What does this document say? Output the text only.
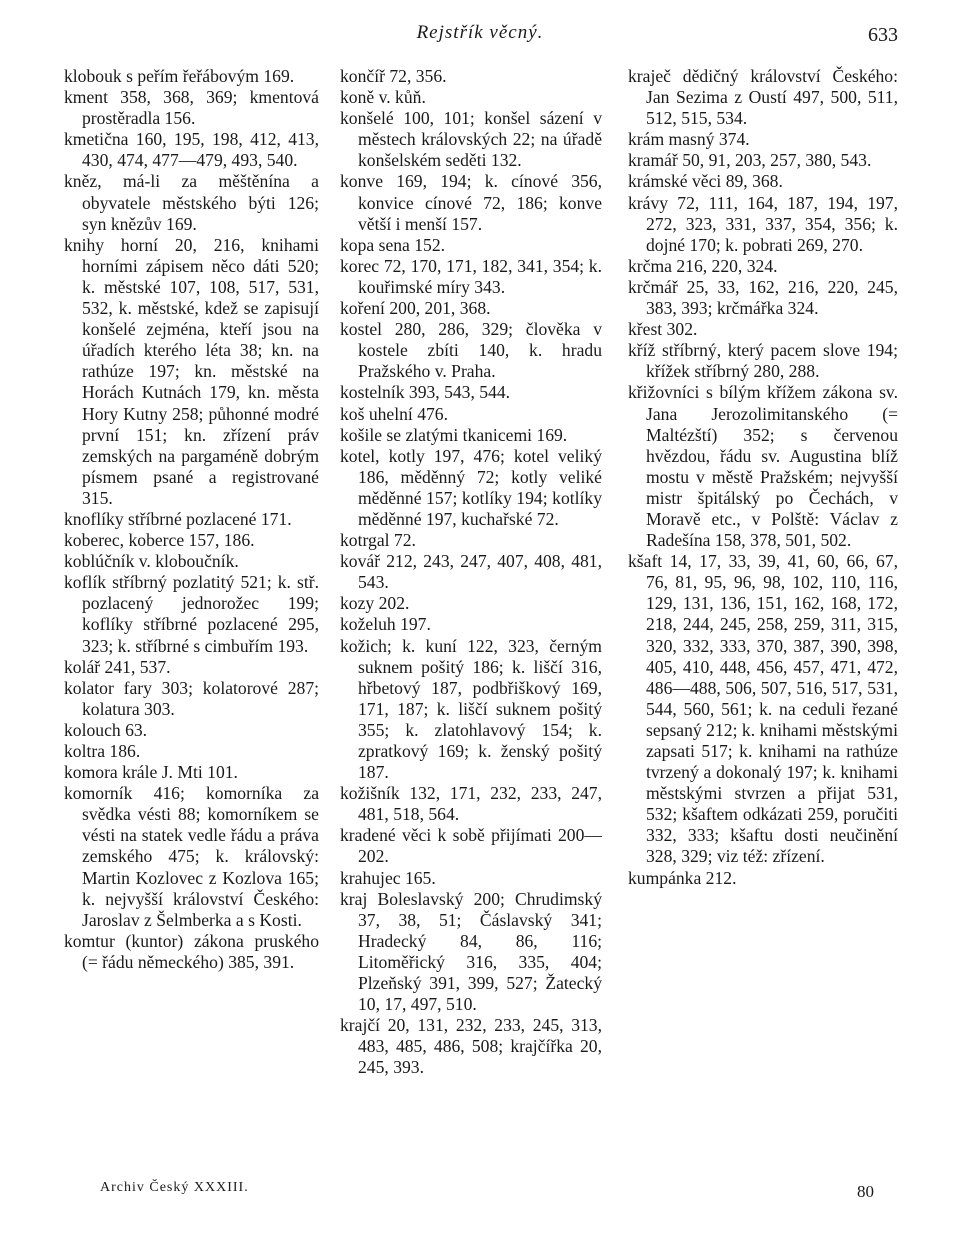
Rejstřík věcný.	633

klobouk s peřím řeřábovým 169.

kment 358, 368, 369; kmentová prostěradla 156.

kmetična 160, 195, 198, 412, 413, 430, 474, 477—479, 493, 540.

kněz, má-li za měštěnína a obyvatele městského býti 126; syn knězův 169.

knihy horní 20, 216, knihami horními zápisem něco dáti 520; k. městské 107, 108, 517, 531, 532, k. městské, kdež se zapisují konšelé zejména, kteří jsou na úřadích kterého léta 38; kn. na rathúze 197; kn. městské na Horách Kutnách 179, kn. města Hory Kutny 258; půhonné modré první 151; kn. zřízení práv zemských na pargaméně dobrým písmem psané a registrované 315.

knoflíky stříbrné pozlacené 171.

koberec, koberce 157, 186.

koblúčník v. kloboučník.

koflík stříbrný pozlatitý 521; k. stř. pozlacený jednorožec 199; koflíky stříbrné pozlacené 295, 323; k. stříbrné s cimbuřím 193.

kolář 241, 537.

kolator fary 303; kolatorové 287; kolatura 303.

kolouch 63.

koltra 186.

komora krále J. Mti 101.

komorník 416; komorníka za svědka vésti 88; komorníkem se vésti na statek vedle řádu a práva zemského 475; k. královský: Martin Kozlovec z Kozlova 165; k. nejvyšší království Českého: Jaroslav z Šelmberka a s Kosti.

komtur (kuntor) zákona pruského (= řádu německého) 385, 391.

končíř 72, 356.

koně v. kůň.

konšelé 100, 101; konšel sázení v městech královských 22; na úřadě konšelském seděti 132.

konve 169, 194; k. cínové 356, konvice cínové 72, 186; konve větší i menší 157.

kopa sena 152.

korec 72, 170, 171, 182, 341, 354; k. kouřimské míry 343.

koření 200, 201, 368.

kostel 280, 286, 329; člověka v kostele zbíti 140, k. hradu Pražského v. Praha.

kostelník 393, 543, 544.

koš uhelní 476.

košile se zlatými tkanicemi 169.

kotel, kotly 197, 476; kotel veliký 186, měděnný 72; kotly veliké měděnné 157; kotlíky 194; kotlíky měděnné 197, kuchařské 72.

kotrgal 72.

kovář 212, 243, 247, 407, 408, 481, 543.

kozy 202.

koželuh 197.

kožich; k. kuní 122, 323, černým suknem pošitý 186; k. liščí 316, hřbetový 187, podbřiškový 169, 171, 187; k. liščí suknem pošitý 355; k. zlatohlavový 154; k. zpratkový 169; k. ženský pošitý 187.

kožišník 132, 171, 232, 233, 247, 481, 518, 564.

kradené věci k sobě přijímati 200—202.

krahujec 165.

kraj Boleslavský 200; Chrudimský 37, 38, 51; Čáslavský 341; Hradecký 84, 86, 116; Litoměřický 316, 335, 404; Plzeňský 391, 399, 527; Žatecký 10, 17, 497, 510.

krajčí 20, 131, 232, 233, 245, 313, 483, 485, 486, 508; krajčířka 20, 245, 393.

kraječ dědičný království Českého: Jan Sezima z Oustí 497, 500, 511, 512, 515, 534.

krám masný 374.

kramář 50, 91, 203, 257, 380, 543.

krámské věci 89, 368.

krávy 72, 111, 164, 187, 194, 197, 272, 323, 331, 337, 354, 356; k. dojné 170; k. pobrati 269, 270.

krčma 216, 220, 324.

krčmář 25, 33, 162, 216, 220, 245, 383, 393; krčmářka 324.

křest 302.

kříž stříbrný, který pacem slove 194; křížek stříbrný 280, 288.

křižovníci s bílým křížem zákona sv. Jana Jerozolimitanského (= Maltézští) 352; s červenou hvězdou, řádu sv. Augustina blíž mostu v městě Pražském; nejvyšší mistr špitálský po Čechách, v Moravě etc., v Polště: Václav z Radešína 158, 378, 501, 502.

kšaft 14, 17, 33, 39, 41, 60, 66, 67, 76, 81, 95, 96, 98, 102, 110, 116, 129, 131, 136, 151, 162, 168, 172, 218, 244, 245, 258, 259, 311, 315, 320, 332, 333, 370, 387, 390, 398, 405, 410, 448, 456, 457, 471, 472, 486—488, 506, 507, 516, 517, 531, 544, 560, 561; k. na ceduli řezané sepsaný 212; k. knihami městskými zapsati 517; k. knihami na rathúze tvrzený a dokonalý 197; k. knihami městskými stvrzen a přijat 531, 532; kšaftem odkázati 259, poručiti 332, 333; kšaftu dosti neučinění 328, 329; viz též: zřízení.

kumpánka 212.

Archiv Český XXXIII.	80
